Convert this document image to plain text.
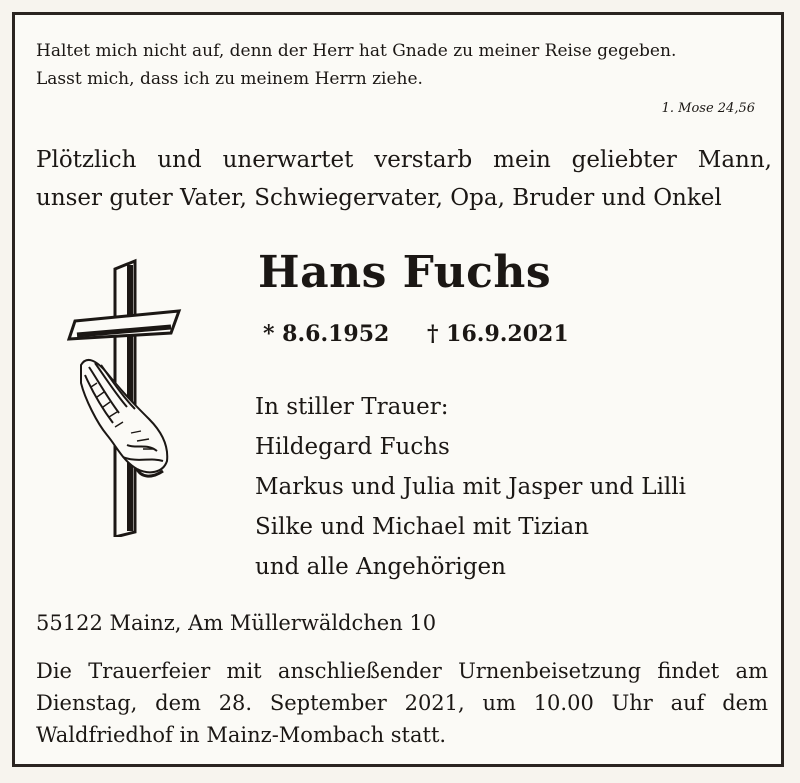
Haltet mich nicht auf, denn der Herr hat Gnade zu meiner Reise gegeben.
Lasst mich, dass ich zu meinem Herrn ziehe.
1. Mose 24,56
Plötzlich und unerwartet verstarb mein geliebter Mann,
unser guter Vater, Schwiegervater, Opa, Bruder und Onkel
Hans Fuchs
* 8.6.1952 † 16.9.2021
In stiller Trauer:
Hildegard Fuchs
Markus und Julia mit Jasper und Lilli
Silke und Michael mit Tizian
und alle Angehörigen
55122 Mainz, Am Müllerwäldchen 10
Die Trauerfeier mit anschließender Urnenbeisetzung findet am
Dienstag, dem 28. September 2021, um 10.00 Uhr auf dem
Waldfriedhof in Mainz-Mombach statt.
